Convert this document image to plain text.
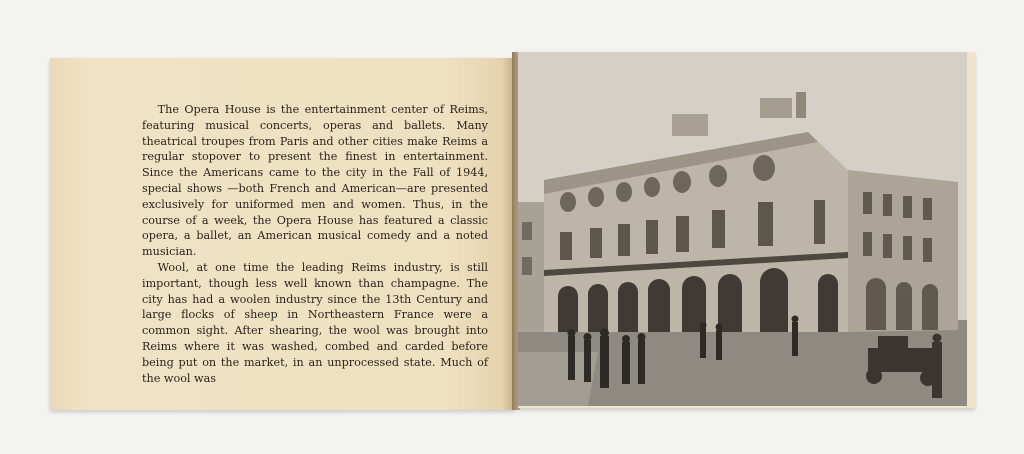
The Opera House is the entertainment center of Reims, featuring musical concerts, operas and ballets. Many theatrical troupes from Paris and other cities make Reims a regular stopover to present the finest in entertainment. Since the Americans came to the city in the Fall of 1944, special shows —both French and American—are presented exclusively for uniformed men and women. Thus, in the course of a week, the Opera House has featured a classic opera, a ballet, an American musical comedy and a noted musician.

Wool, at one time the leading Reims industry, is still important, though less well known than champagne. The city has had a woolen industry since the 13th Century and large flocks of sheep in Northeastern France were a common sight. After shearing, the wool was brought into Reims where it was washed, combed and carded before being put on the market, in an unprocessed state. Much of the wool was
